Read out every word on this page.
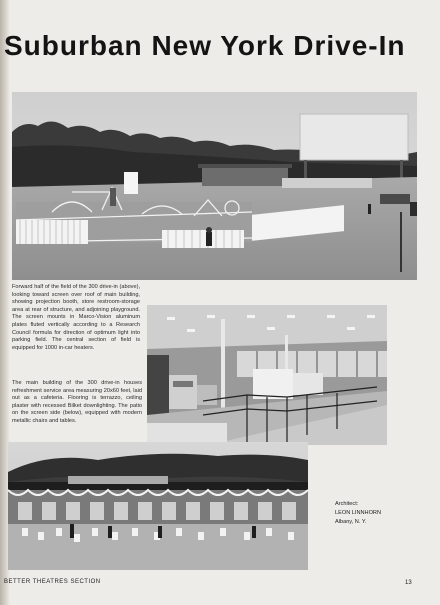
Suburban New York Drive-In
Forward half of the field of the 300 drive-in (above), looking toward screen over roof of main building, showing projection booth, store restroom-storage area at rear of structure, and adjoining playground. The screen mounts in Marco-Vision aluminum plates fluted vertically according to a Research Council formula for direction of optimum light into parking field. The central section of field is equipped for 1000 in-car heaters.
The main building of the 300 drive-in houses refreshment service area measuring 20x60 feet, laid out as a cafeteria. Flooring is terrazzo, ceiling plaster with recessed Bilket downlighting. The patio on the screen side (below), equipped with modern metallic chairs and tables.
Architect:
LEON LINNHORN
Albany, N. Y.
BETTER THEATRES SECTION	13
